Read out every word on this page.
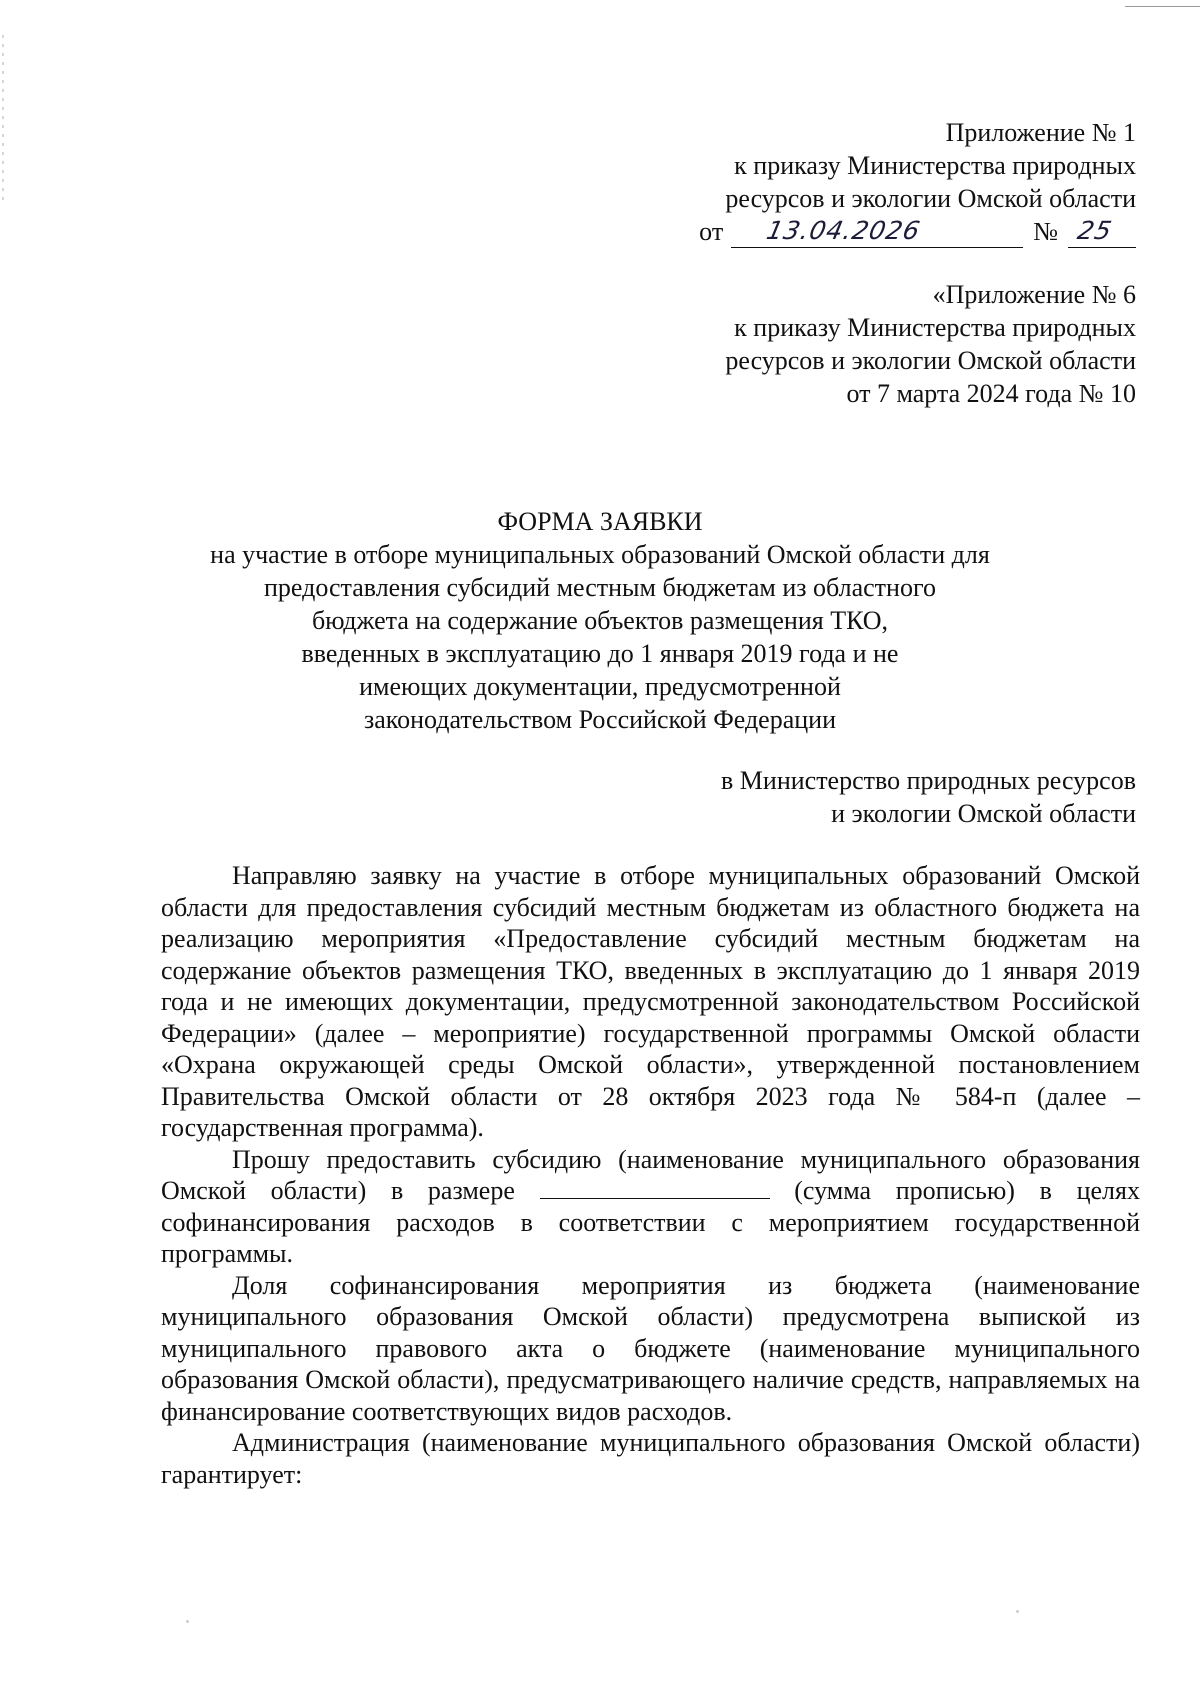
Приложение № 1

к приказу Министерства природных

ресурсов и экологии Омской области

от 13.04.2026	№ 25

«Приложение № 6

к приказу Министерства природных

ресурсов и экологии Омской области

от 7 марта 2024 года № 10

ФОРМА ЗАЯВКИ

на участие в отборе муниципальных образований Омской области для

предоставления субсидий местным бюджетам из областного

бюджета на содержание объектов размещения ТКО,

введенных в эксплуатацию до 1 января 2019 года и не

имеющих документации, предусмотренной

законодательством Российской Федерации

в Министерство природных ресурсов

и экологии Омской области

Направляю заявку на участие в отборе муниципальных образований Омской области для предоставления субсидий местным бюджетам из областного бюджета на реализацию мероприятия «Предоставление субсидий местным бюджетам на содержание объектов размещения ТКО, введенных в эксплуатацию до 1 января 2019 года и не имеющих документации, предусмотренной законодательством Российской Федерации» (далее – мероприятие) государственной программы Омской области «Охрана окружающей среды Омской области», утвержденной постановлением Правительства Омской области от 28 октября 2023 года № 584-п (далее – государственная программа).

Прошу предоставить субсидию (наименование муниципального образования Омской области) в размере	(сумма прописью) в целях софинансирования расходов в соответствии с мероприятием государственной программы.

Доля софинансирования мероприятия из бюджета (наименование муниципального образования Омской области) предусмотрена выпиской из муниципального правового акта о бюджете (наименование муниципального образования Омской области), предусматривающего наличие средств, направляемых на финансирование соответствующих видов расходов.

Администрация (наименование муниципального образования Омской области) гарантирует:
